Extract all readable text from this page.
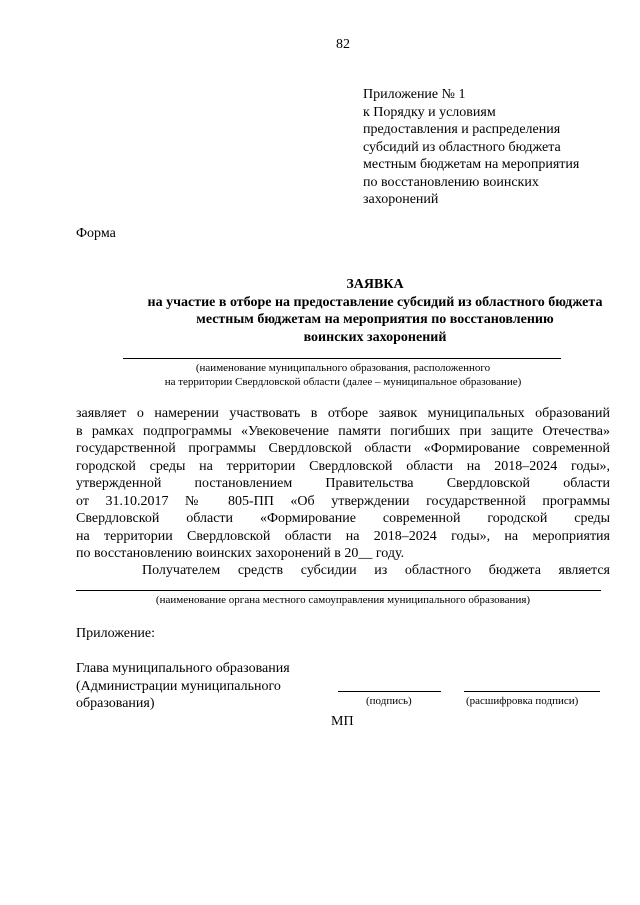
82
Приложение № 1
к Порядку и условиям
предоставления и распределения
субсидий из областного бюджета
местным бюджетам на мероприятия
по восстановлению воинских
захоронений
Форма
ЗАЯВКА
на участие в отборе на предоставление субсидий из областного бюджета
местным бюджетам на мероприятия по восстановлению
воинских захоронений
(наименование муниципального образования, расположенного
на территории Свердловской области (далее – муниципальное образование)

заявляет о намерении участвовать в отборе заявок муниципальных образований

в рамках подпрограммы «Увековечение памяти погибших при защите Отечества»

государственной программы Свердловской области «Формирование современной

городской среды на территории Свердловской области на 2018–2024 годы»,

утвержденной постановлением Правительства Свердловской области

от 31.10.2017 № 805-ПП «Об утверждении государственной программы

Свердловской области «Формирование современной городской среды

на территории Свердловской области на 2018–2024 годы», на мероприятия

по восстановлению воинских захоронений в 20__ году.

Получателем средств субсидии из областного бюджета является
(наименование органа местного самоуправления муниципального образования)
Приложение:
Глава муниципального образования
(Администрации муниципального
образования)	(подпись)	(расшифровка подписи)
МП
